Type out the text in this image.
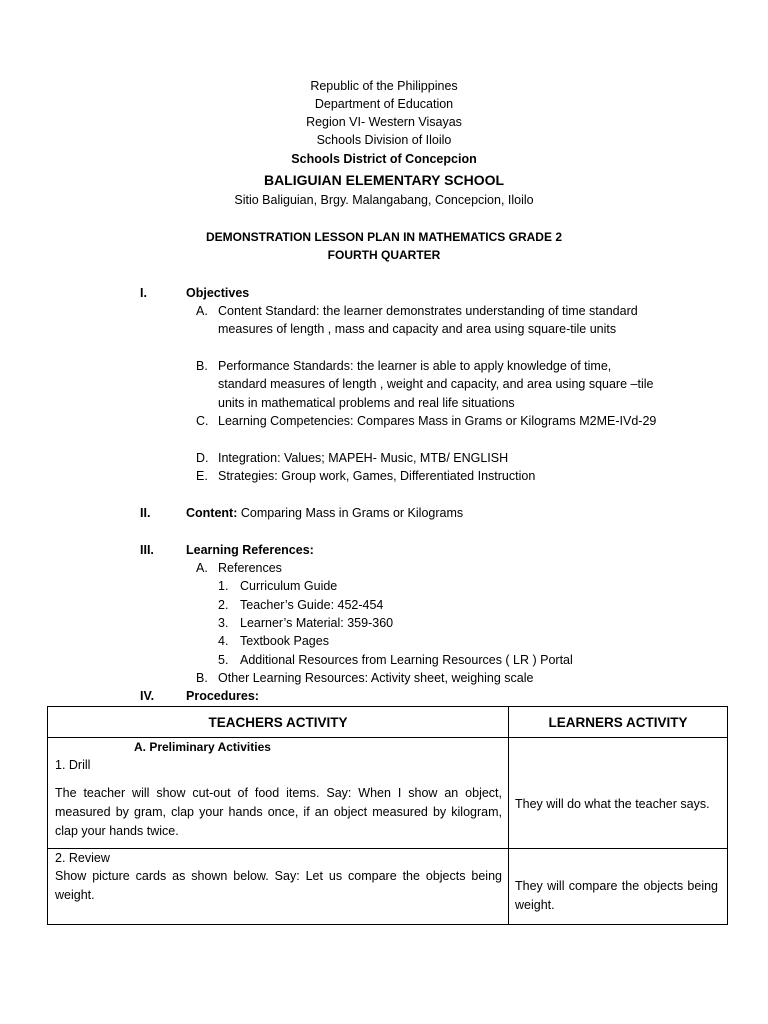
Republic of the Philippines
Department of Education
Region VI- Western Visayas
Schools Division of Iloilo
Schools District of Concepcion
BALIGUIAN ELEMENTARY SCHOOL
Sitio Baliguian, Brgy. Malangabang, Concepcion, Iloilo
DEMONSTRATION LESSON PLAN IN MATHEMATICS GRADE 2
FOURTH QUARTER
I.	Objectives
A. Content Standard: the learner demonstrates understanding of time standard measures of length , mass and capacity and area using square-tile units
B. Performance Standards: the learner is able to apply knowledge of time, standard measures of length , weight and capacity, and area using square –tile units in mathematical problems and real life situations
C. Learning Competencies: Compares Mass in Grams or Kilograms M2ME-IVd-29
D. Integration: Values; MAPEH- Music, MTB/ ENGLISH
E. Strategies: Group work, Games, Differentiated Instruction
II.	Content: Comparing Mass in Grams or Kilograms
III.	Learning References:
A. References
1. Curriculum Guide
2. Teacher’s Guide: 452-454
3. Learner’s Material: 359-360
4. Textbook Pages
5. Additional Resources from Learning Resources ( LR ) Portal
B. Other Learning Resources: Activity sheet, weighing scale
IV.	Procedures:
TEACHERS ACTIVITY	LEARNERS ACTIVITY

A. Preliminary Activities
1. Drill
The teacher will show cut-out of food items. Say: When I show an object, measured by gram, clap your hands once, if an object measured by kilogram, clap your hands twice.	They will do what the teacher says.

2. Review
Show picture cards as shown below. Say: Let us compare the objects being weight.	They will compare the objects being weight.
